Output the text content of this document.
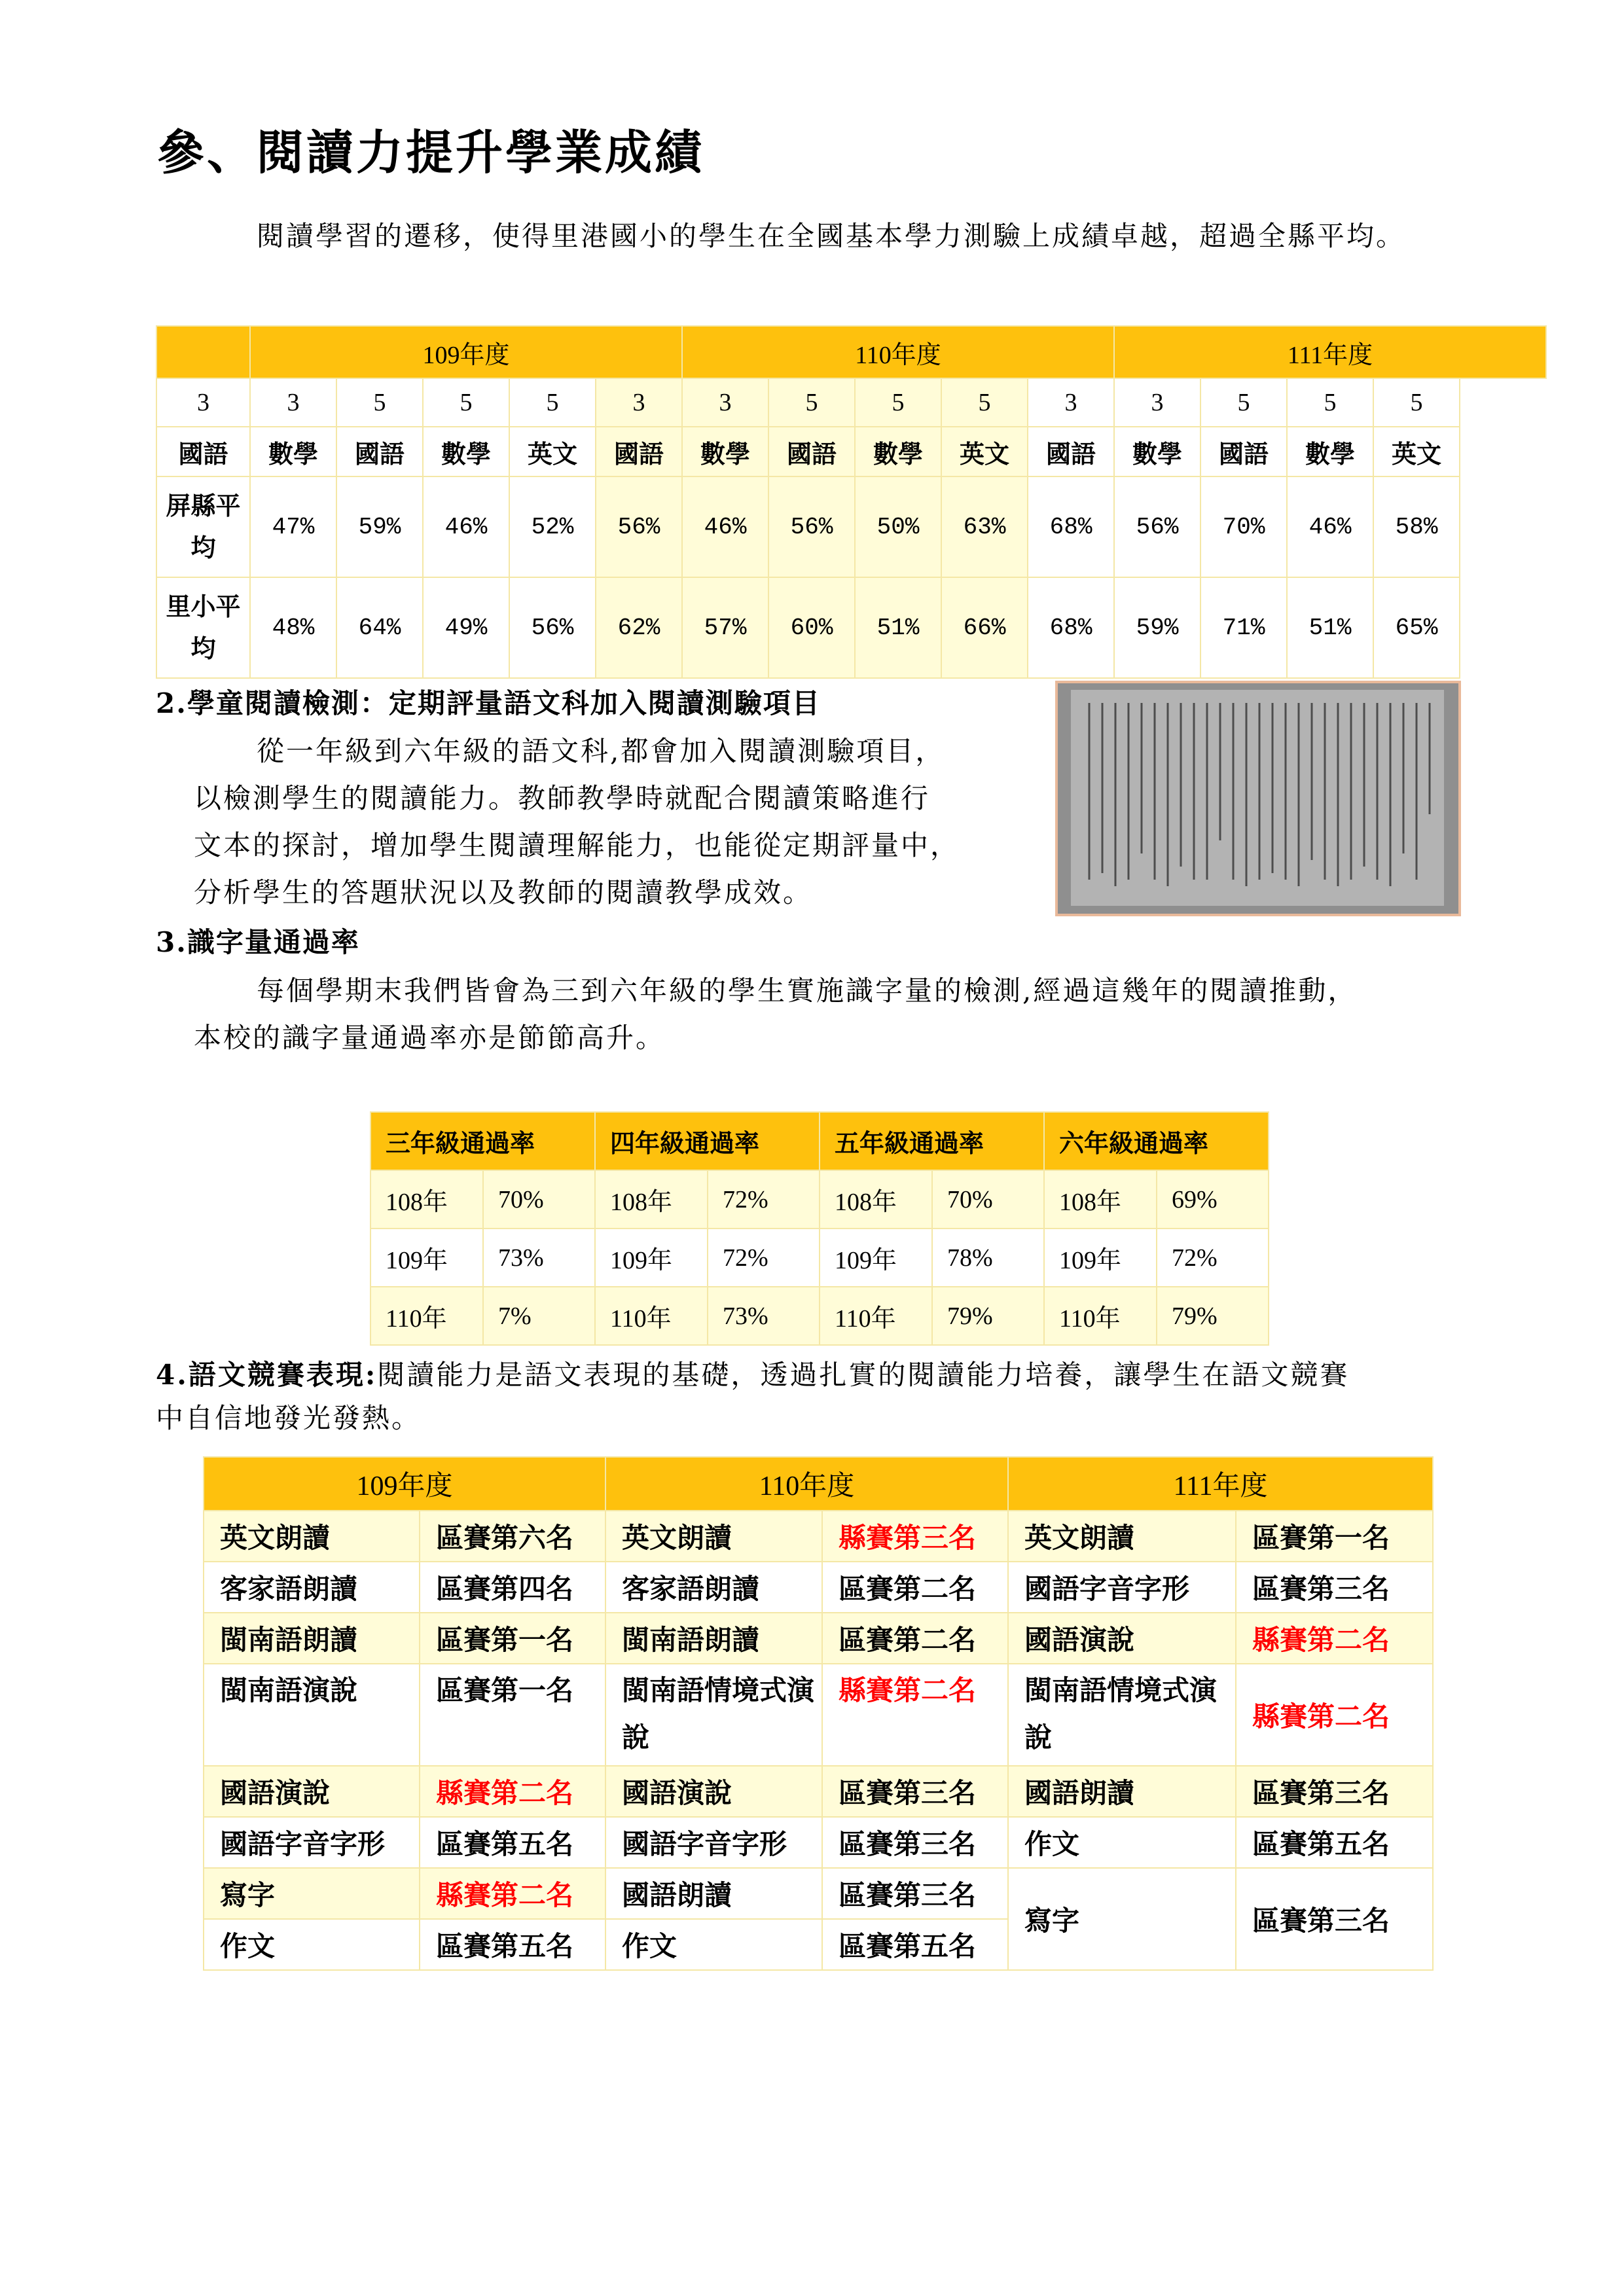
參、閱讀力提升學業成績

閱讀學習的遷移，使得里港國小的學生在全國基本學力測驗上成績卓越，超過全縣平均。

	109年度					110年度					111年度			
3	3	5	5	5	3	3	5	5	5	3	3	5	5	5
國語	數學	國語	數學	英文	國語	數學	國語	數學	英文	國語	數學	國語	數學	英文
屏縣平均	47%	59%	46%	52%	56%	46%	56%	50%	63%	68%	56%	70%	46%	58%
里小平均	48%	64%	49%	56%	62%	57%	60%	51%	66%	68%	59%	71%	51%	65%

2.學童閱讀檢測：定期評量語文科加入閱讀測驗項目

從一年級到六年級的語文科,都會加入閱讀測驗項目，
以檢測學生的閱讀能力。教師教學時就配合閱讀策略進行
文本的探討，增加學生閱讀理解能力，也能從定期評量中，
分析學生的答題狀況以及教師的閱讀教學成效。

3.識字量通過率

每個學期末我們皆會為三到六年級的學生實施識字量的檢測,經過這幾年的閱讀推動，
本校的識字量通過率亦是節節高升。
三年級通過率		四年級通過率		五年級通過率		六年級通過率	
108年	70%	108年	72%	108年	70%	108年	69%
109年	73%	109年	72%	109年	78%	109年	72%
110年	7%	110年	73%	110年	79%	110年	79%
4.語文競賽表現:閱讀能力是語文表現的基礎，透過扎實的閱讀能力培養，讓學生在語文競賽
中自信地發光發熱。
109年度		110年度		111年度	
英文朗讀	區賽第六名	英文朗讀	縣賽第三名	英文朗讀	區賽第一名
客家語朗讀	區賽第四名	客家語朗讀	區賽第二名	國語字音字形	區賽第三名
閩南語朗讀	區賽第一名	閩南語朗讀	區賽第二名	國語演說	縣賽第二名
閩南語演說	區賽第一名	閩南語情境式演說	縣賽第二名	閩南語情境式演說	縣賽第二名
國語演說	縣賽第二名	國語演說	區賽第三名	國語朗讀	區賽第三名
國語字音字形	區賽第五名	國語字音字形	區賽第三名	作文	區賽第五名
寫字	縣賽第二名	國語朗讀	區賽第三名	寫字	區賽第三名
作文	區賽第五名	作文	區賽第五名		
